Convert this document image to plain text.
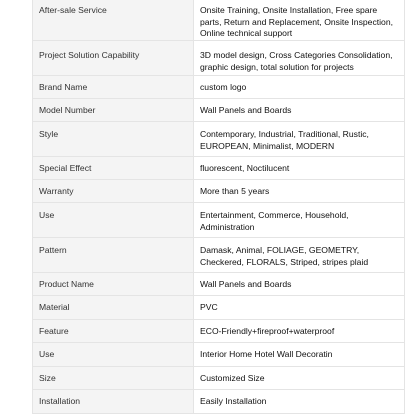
After-sale Service	Onsite Training, Onsite Installation, Free spare parts, Return and Replacement, Onsite Inspection, Online technical support

Project Solution Capability	3D model design, Cross Categories Consolidation, graphic design, total solution for projects

Brand Name	custom logo

Model Number	Wall Panels and Boards

Style	Contemporary, Industrial, Traditional, Rustic, EUROPEAN, Minimalist, MODERN

Special Effect	fluorescent, Noctilucent

Warranty	More than 5 years

Use	Entertainment, Commerce, Household, Administration

Pattern	Damask, Animal, FOLIAGE, GEOMETRY, Checkered, FLORALS, Striped, stripes plaid

Product Name	Wall Panels and Boards

Material	PVC

Feature	ECO-Friendly+fireproof+waterproof

Use	Interior Home Hotel Wall Decoratin

Size	Customized Size

Installation	Easily Installation
